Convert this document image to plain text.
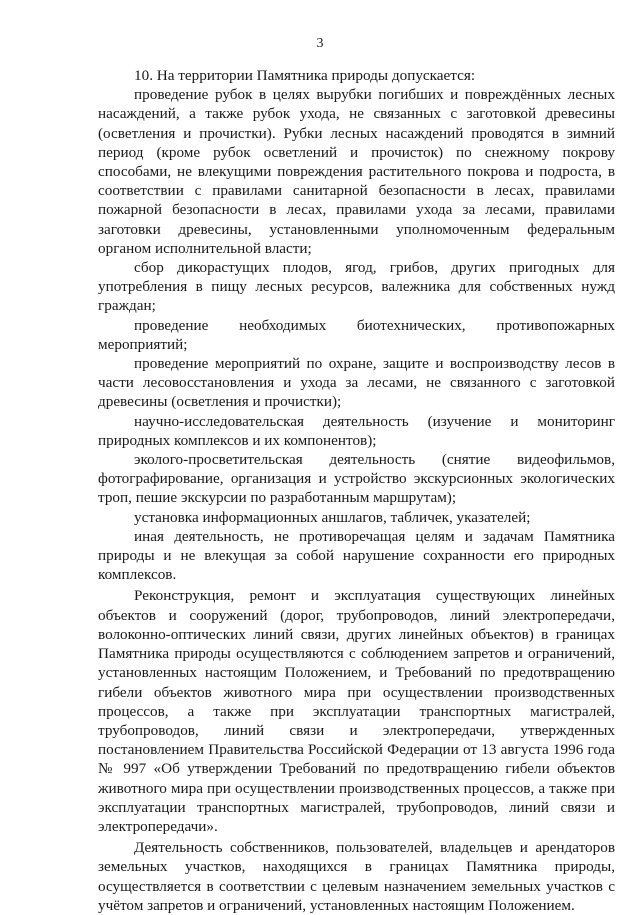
3

10. На территории Памятника природы допускается:

проведение рубок в целях вырубки погибших и повреждённых лесных насаждений, а также рубок ухода, не связанных с заготовкой древесины (осветления и прочистки). Рубки лесных насаждений проводятся в зимний период (кроме рубок осветлений и прочисток) по снежному покрову способами, не влекущими повреждения растительного покрова и подроста, в соответствии с правилами санитарной безопасности в лесах, правилами пожарной безопасности в лесах, правилами ухода за лесами, правилами заготовки древесины, установленными уполномоченным федеральным органом исполнительной власти;

сбор дикорастущих плодов, ягод, грибов, других пригодных для употребления в пищу лесных ресурсов, валежника для собственных нужд граждан;

проведение необходимых биотехнических, противопожарных мероприятий;

проведение мероприятий по охране, защите и воспроизводству лесов в части лесовосстановления и ухода за лесами, не связанного с заготовкой древесины (осветления и прочистки);

научно-исследовательская деятельность (изучение и мониторинг природных комплексов и их компонентов);

эколого-просветительская деятельность (снятие видеофильмов, фотографирование, организация и устройство экскурсионных экологических троп, пешие экскурсии по разработанным маршрутам);

установка информационных аншлагов, табличек, указателей;

иная деятельность, не противоречащая целям и задачам Памятника природы и не влекущая за собой нарушение сохранности его природных комплексов.

Реконструкция, ремонт и эксплуатация существующих линейных объектов и сооружений (дорог, трубопроводов, линий электропередачи, волоконно-оптических линий связи, других линейных объектов) в границах Памятника природы осуществляются с соблюдением запретов и ограничений, установленных настоящим Положением, и Требований по предотвращению гибели объектов животного мира при осуществлении производственных процессов, а также при эксплуатации транспортных магистралей, трубопроводов, линий связи и электропередачи, утвержденных постановлением Правительства Российской Федерации от 13 августа 1996 года № 997 «Об утверждении Требований по предотвращению гибели объектов животного мира при осуществлении производственных процессов, а также при эксплуатации транспортных магистралей, трубопроводов, линий связи и электропередачи».

Деятельность собственников, пользователей, владельцев и арендаторов земельных участков, находящихся в границах Памятника природы, осуществляется в соответствии с целевым назначением земельных участков с учётом запретов и ограничений, установленных настоящим Положением.
